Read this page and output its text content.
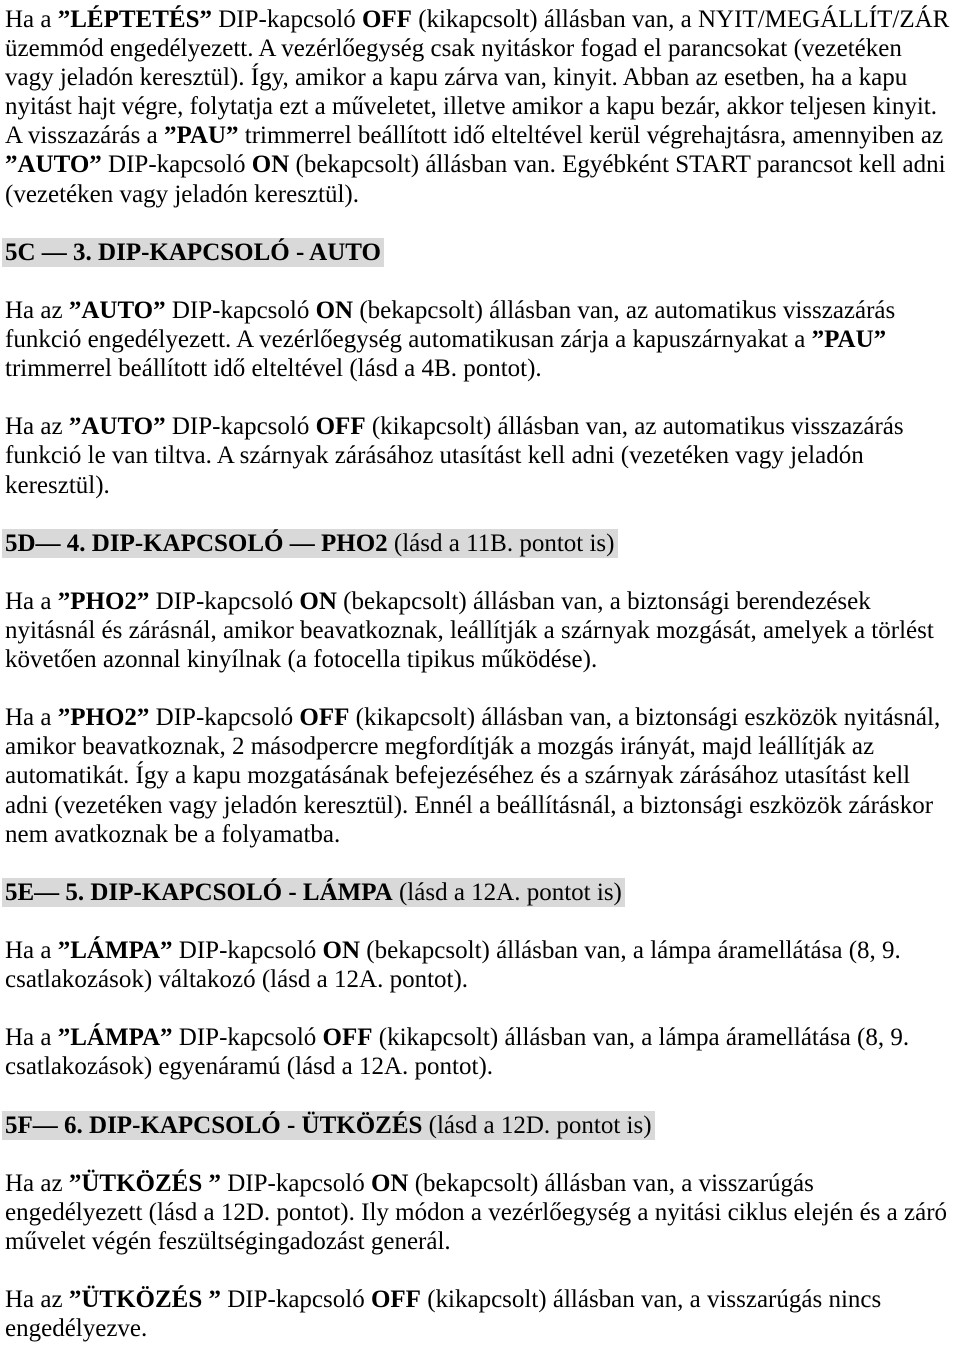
Ha a ”LÉPTETÉS” DIP-kapcsoló OFF (kikapcsolt) állásban van, a NYIT/MEGÁLLÍT/ZÁR
üzemmód engedélyezett. A vezérlőegység csak nyitáskor fogad el parancsokat (vezetéken
vagy jeladón keresztül). Így, amikor a kapu zárva van, kinyit. Abban az esetben, ha a kapu
nyitást hajt végre, folytatja ezt a műveletet, illetve amikor a kapu bezár, akkor teljesen kinyit.
A visszazárás a ”PAU” trimmerrel beállított idő elteltével kerül végrehajtásra, amennyiben az
”AUTO” DIP-kapcsoló ON (bekapcsolt) állásban van. Egyébként START parancsot kell adni
(vezetéken vagy jeladón keresztül).
5C — 3. DIP-KAPCSOLÓ - AUTO
Ha az ”AUTO” DIP-kapcsoló ON (bekapcsolt) állásban van, az automatikus visszazárás
funkció engedélyezett. A vezérlőegység automatikusan zárja a kapuszárnyakat a ”PAU”
trimmerrel beállított idő elteltével (lásd a 4B. pontot).
Ha az ”AUTO” DIP-kapcsoló OFF (kikapcsolt) állásban van, az automatikus visszazárás
funkció le van tiltva. A szárnyak zárásához utasítást kell adni (vezetéken vagy jeladón
keresztül).
5D— 4. DIP-KAPCSOLÓ — PHO2 (lásd a 11B. pontot is)
Ha a ”PHO2” DIP-kapcsoló ON (bekapcsolt) állásban van, a biztonsági berendezések
nyitásnál és zárásnál, amikor beavatkoznak, leállítják a szárnyak mozgását, amelyek a törlést
követően azonnal kinyílnak (a fotocella tipikus működése).
Ha a ”PHO2” DIP-kapcsoló OFF (kikapcsolt) állásban van, a biztonsági eszközök nyitásnál,
amikor beavatkoznak, 2 másodpercre megfordítják a mozgás irányát, majd leállítják az
automatikát. Így a kapu mozgatásának befejezéséhez és a szárnyak zárásához utasítást kell
adni (vezetéken vagy jeladón keresztül). Ennél a beállításnál, a biztonsági eszközök záráskor
nem avatkoznak be a folyamatba.
5E— 5. DIP-KAPCSOLÓ - LÁMPA (lásd a 12A. pontot is)
Ha a ”LÁMPA” DIP-kapcsoló ON (bekapcsolt) állásban van, a lámpa áramellátása (8, 9.
csatlakozások) váltakozó (lásd a 12A. pontot).
Ha a ”LÁMPA” DIP-kapcsoló OFF (kikapcsolt) állásban van, a lámpa áramellátása (8, 9.
csatlakozások) egyenáramú (lásd a 12A. pontot).
5F— 6. DIP-KAPCSOLÓ - ÜTKÖZÉS (lásd a 12D. pontot is)
Ha az ”ÜTKÖZÉS ” DIP-kapcsoló ON (bekapcsolt) állásban van, a visszarúgás
engedélyezett (lásd a 12D. pontot). Ily módon a vezérlőegység a nyitási ciklus elején és a záró
művelet végén feszültségingadozást generál.
Ha az ”ÜTKÖZÉS ” DIP-kapcsoló OFF (kikapcsolt) állásban van, a visszarúgás nincs
engedélyezve.
